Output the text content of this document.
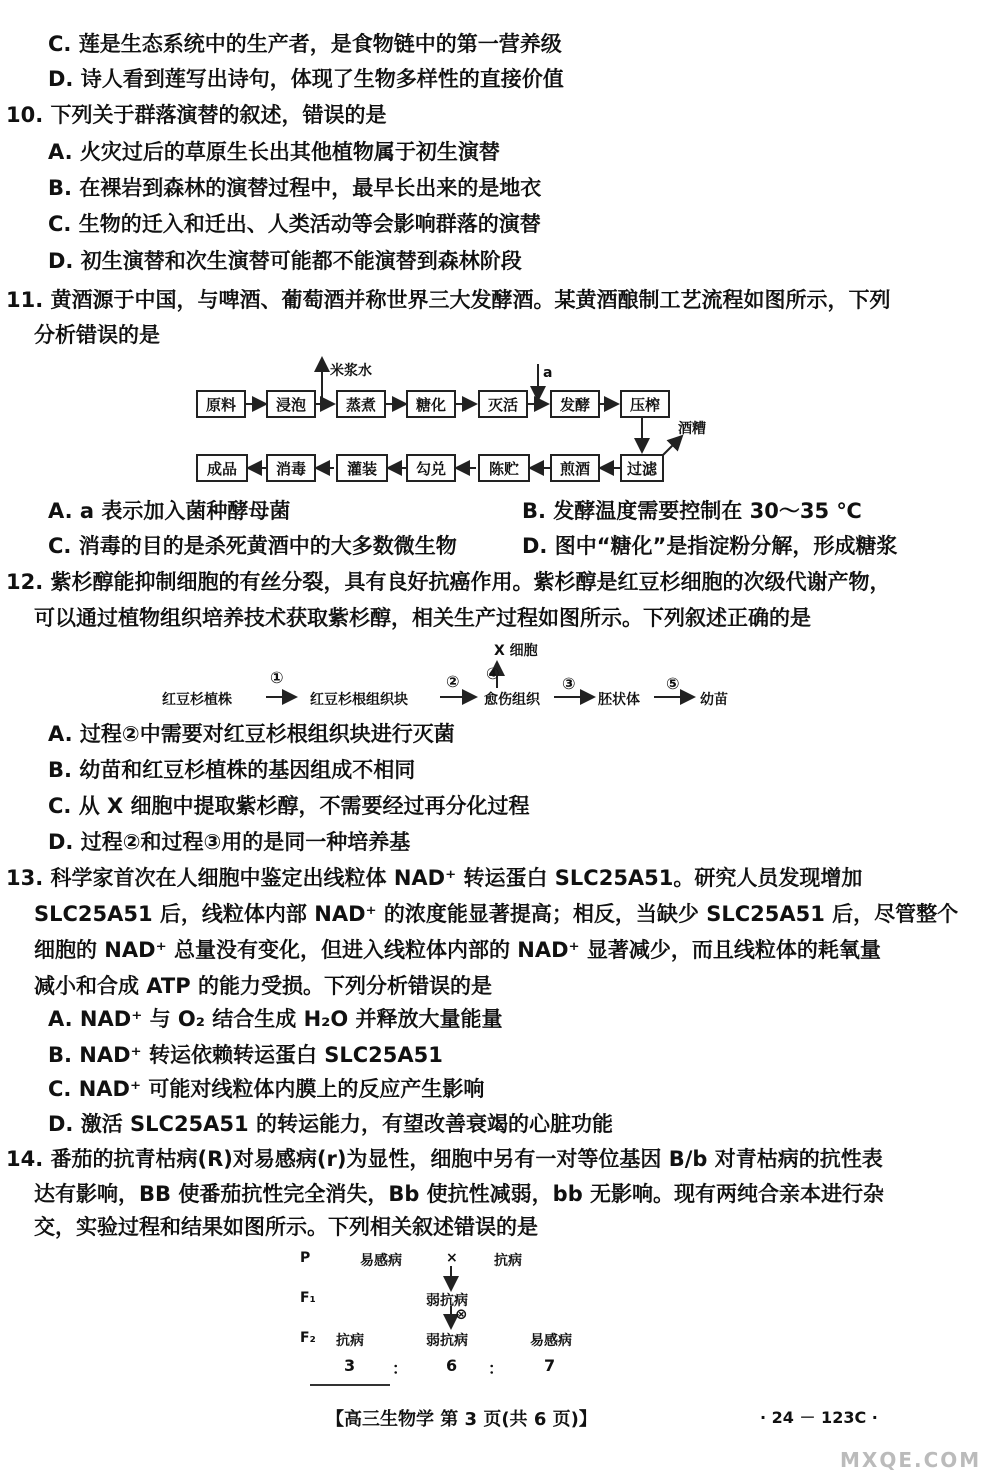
C. 莲是生态系统中的生产者，是食物链中的第一营养级
D. 诗人看到莲写出诗句，体现了生物多样性的直接价值
10. 下列关于群落演替的叙述，错误的是
A. 火灾过后的草原生长出其他植物属于初生演替
B. 在裸岩到森林的演替过程中，最早长出来的是地衣
C. 生物的迁入和迁出、人类活动等会影响群落的演替
D. 初生演替和次生演替可能都不能演替到森林阶段
11. 黄酒源于中国，与啤酒、葡萄酒并称世界三大发酵酒。某黄酒酿制工艺流程如图所示，下列
分析错误的是
原料	浸泡	蒸煮	糖化	灭活	发酵	压榨
成品	消毒	灌装	勾兑	陈贮	煎酒	过滤
米浆水	a
酒糟
A. a 表示加入菌种酵母菌	B. 发酵温度需要控制在 30～35 ℃
C. 消毒的目的是杀死黄酒中的大多数微生物	D. 图中“糖化”是指淀粉分解，形成糖浆
12. 紫杉醇能抑制细胞的有丝分裂，具有良好抗癌作用。紫杉醇是红豆杉细胞的次级代谢产物，
可以通过植物组织培养技术获取紫杉醇，相关生产过程如图所示。下列叙述正确的是
红豆杉植株	红豆杉根组织块	愈伤组织	胚状体	幼苗
①	②	③
④
⑤
X 细胞
A. 过程②中需要对红豆杉根组织块进行灭菌
B. 幼苗和红豆杉植株的基因组成不相同
C. 从 X 细胞中提取紫杉醇，不需要经过再分化过程
D. 过程②和过程③用的是同一种培养基
13. 科学家首次在人细胞中鉴定出线粒体 NAD⁺ 转运蛋白 SLC25A51。研究人员发现增加
SLC25A51 后，线粒体内部 NAD⁺ 的浓度能显著提高；相反，当缺少 SLC25A51 后，尽管整个
细胞的 NAD⁺ 总量没有变化，但进入线粒体内部的 NAD⁺ 显著减少，而且线粒体的耗氧量
减小和合成 ATP 的能力受损。下列分析错误的是
A. NAD⁺ 与 O₂ 结合生成 H₂O 并释放大量能量
B. NAD⁺ 转运依赖转运蛋白 SLC25A51
C. NAD⁺ 可能对线粒体内膜上的反应产生影响
D. 激活 SLC25A51 的转运能力，有望改善衰竭的心脏功能
14. 番茄的抗青枯病(R)对易感病(r)为显性，细胞中另有一对等位基因 B/b 对青枯病的抗性表
达有影响，BB 使番茄抗性完全消失，Bb 使抗性减弱，bb 无影响。现有两纯合亲本进行杂
交，实验过程和结果如图所示。下列相关叙述错误的是
P	易感病	×	抗病
F₁	弱抗病
⊗
F₂ 抗病	弱抗病	易感病
3 ： 6 ： 7
【高三生物学 第 3 页(共 6 页)】	· 24 － 123C ·
MXQE.COM
